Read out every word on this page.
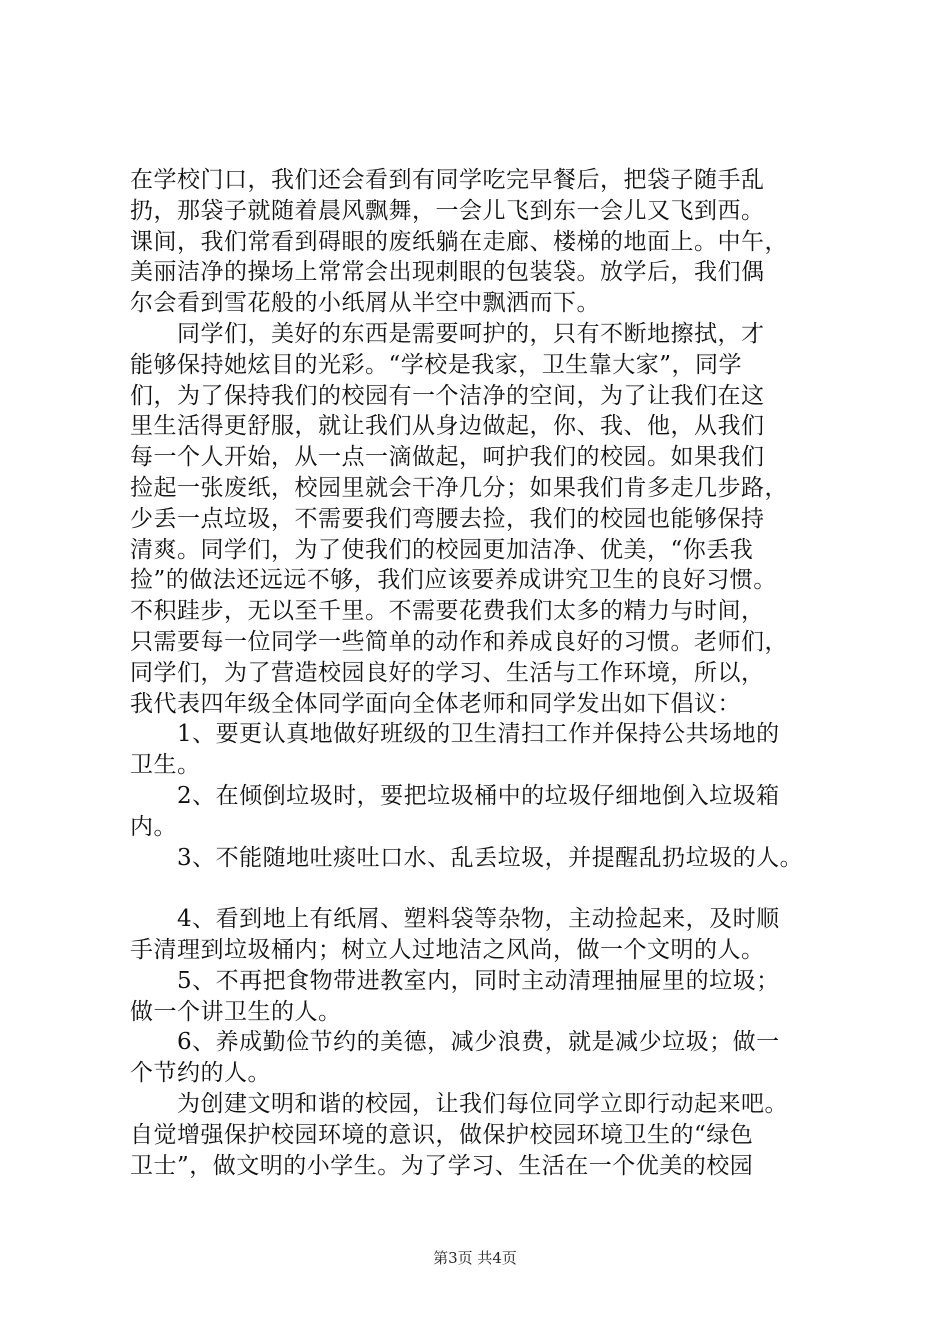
在学校门口，我们还会看到有同学吃完早餐后，把袋子随手乱
扔，那袋子就随着晨风飘舞，一会儿飞到东一会儿又飞到西。
课间，我们常看到碍眼的废纸躺在走廊、楼梯的地面上。中午，
美丽洁净的操场上常常会出现刺眼的包装袋。放学后，我们偶
尔会看到雪花般的小纸屑从半空中飘洒而下。
　　同学们，美好的东西是需要呵护的，只有不断地擦拭，才
能够保持她炫目的光彩。“学校是我家，卫生靠大家”，同学
们，为了保持我们的校园有一个洁净的空间，为了让我们在这
里生活得更舒服，就让我们从身边做起，你、我、他，从我们
每一个人开始，从一点一滴做起，呵护我们的校园。如果我们
捡起一张废纸，校园里就会干净几分；如果我们肯多走几步路，
少丢一点垃圾，不需要我们弯腰去捡，我们的校园也能够保持
清爽。同学们，为了使我们的校园更加洁净、优美，“你丢我
捡”的做法还远远不够，我们应该要养成讲究卫生的良好习惯。
不积跬步，无以至千里。不需要花费我们太多的精力与时间，
只需要每一位同学一些简单的动作和养成良好的习惯。老师们，
同学们，为了营造校园良好的学习、生活与工作环境，所以，
我代表四年级全体同学面向全体老师和同学发出如下倡议：
　　1、要更认真地做好班级的卫生清扫工作并保持公共场地的
卫生。
　　2、在倾倒垃圾时，要把垃圾桶中的垃圾仔细地倒入垃圾箱
内。
　　3、不能随地吐痰吐口水、乱丢垃圾，并提醒乱扔垃圾的人。
　　4、看到地上有纸屑、塑料袋等杂物，主动捡起来，及时顺
手清理到垃圾桶内；树立人过地洁之风尚，做一个文明的人。
　　5、不再把食物带进教室内，同时主动清理抽屉里的垃圾；
做一个讲卫生的人。
　　6、养成勤俭节约的美德，减少浪费，就是减少垃圾；做一
个节约的人。
　　为创建文明和谐的校园，让我们每位同学立即行动起来吧。
自觉增强保护校园环境的意识，做保护校园环境卫生的“绿色
卫士”，做文明的小学生。为了学习、生活在一个优美的校园
第3页 共4页
